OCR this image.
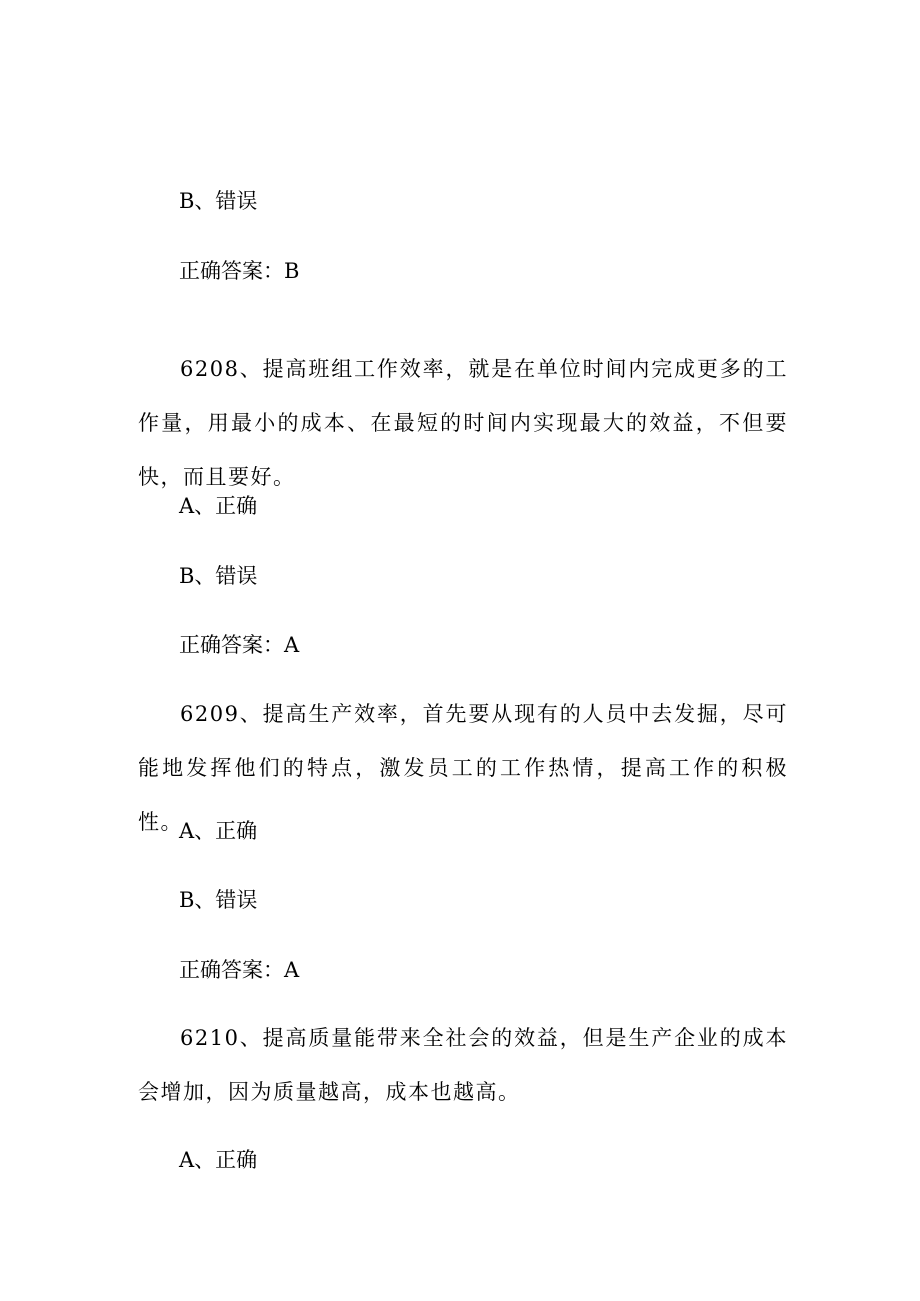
B、错误
正确答案：B
6208、提高班组工作效率，就是在单位时间内完成更多的工作量，用最小的成本、在最短的时间内实现最大的效益，不但要快，而且要好。
A、正确
B、错误
正确答案：A
6209、提高生产效率，首先要从现有的人员中去发掘，尽可能地发挥他们的特点，激发员工的工作热情，提高工作的积极性。
A、正确
B、错误
正确答案：A
6210、提高质量能带来全社会的效益，但是生产企业的成本会增加，因为质量越高，成本也越高。
A、正确
